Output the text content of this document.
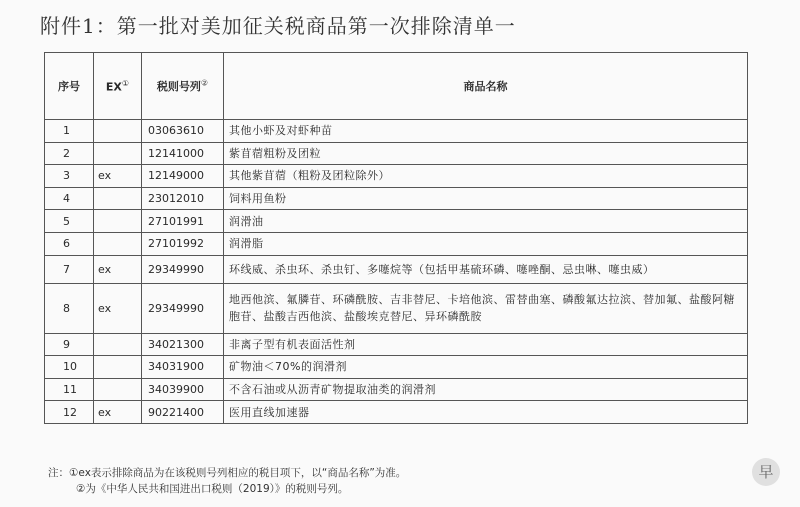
附件1：第一批对美加征关税商品第一次排除清单一
序号	EX①	税则号列②	商品名称
1		03063610	其他小虾及对虾种苗
2		12141000	紫苜蓿粗粉及团粒
3	ex	12149000	其他紫苜蓿（粗粉及团粒除外）
4		23012010	饲料用鱼粉
5		27101991	润滑油
6		27101992	润滑脂
7	ex	29349990	环线威、杀虫环、杀虫钉、多噻烷等（包括甲基硫环磷、噻唑酮、忌虫啉、噻虫威）
8	ex	29349990	地西他滨、氟膦苷、环磷酰胺、吉非替尼、卡培他滨、雷替曲塞、磷酸氟达拉滨、替加氟、盐酸阿糖胞苷、盐酸吉西他滨、盐酸埃克替尼、异环磷酰胺
9		34021300	非离子型有机表面活性剂
10		34031900	矿物油＜70%的润滑剂
11		34039900	不含石油或从沥青矿物提取油类的润滑剂
12	ex	90221400	医用直线加速器
注：①ex表示排除商品为在该税则号列相应的税目项下，以“商品名称”为准。
②为《中华人民共和国进出口税则（2019）》的税则号列。
早
